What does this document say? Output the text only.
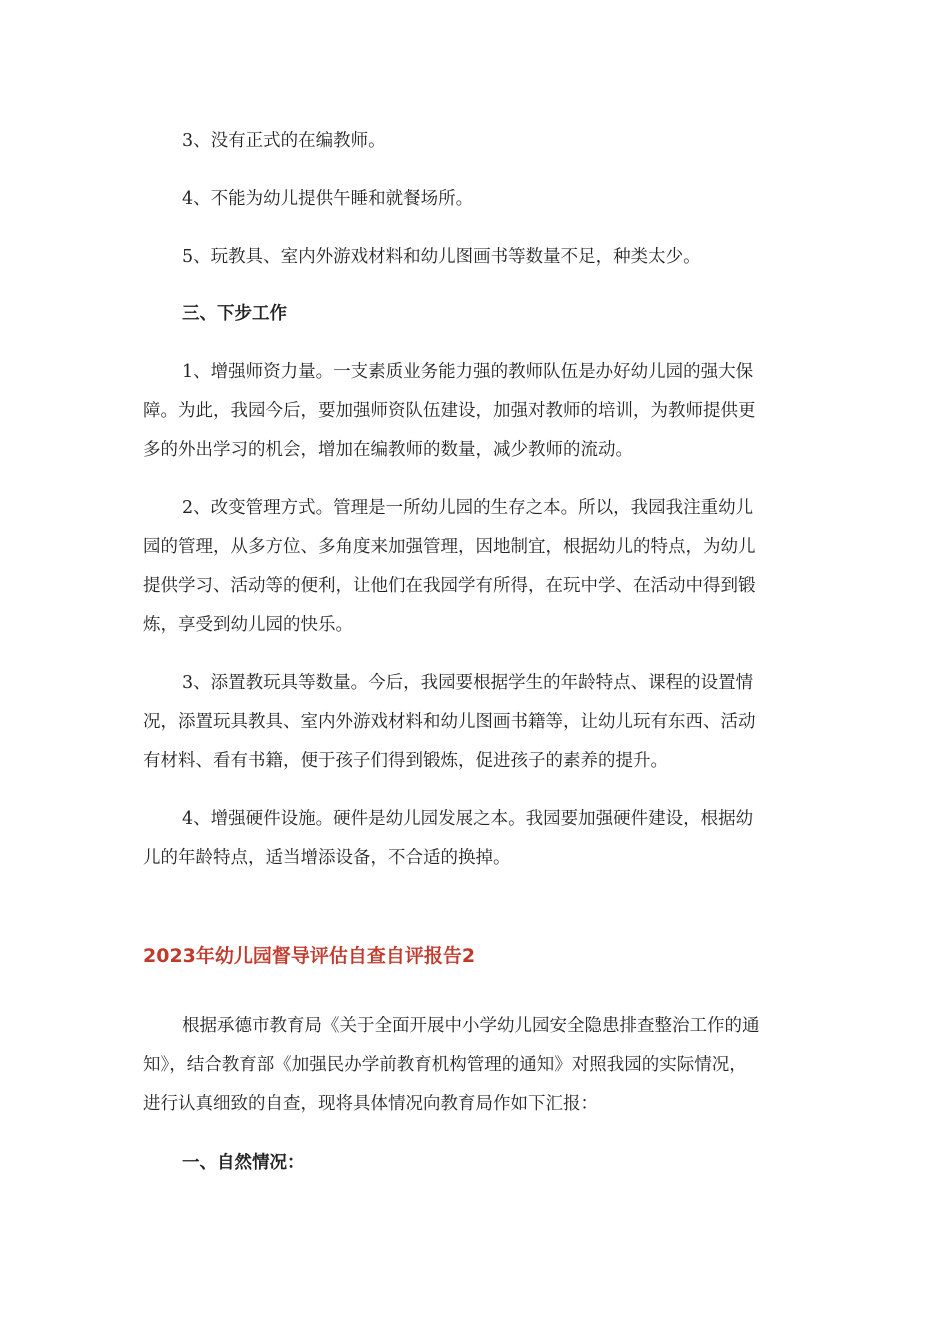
3、没有正式的在编教师。
4、不能为幼儿提供午睡和就餐场所。
5、玩教具、室内外游戏材料和幼儿图画书等数量不足，种类太少。
三、下步工作
1、增强师资力量。一支素质业务能力强的教师队伍是办好幼儿园的强大保
障。为此，我园今后，要加强师资队伍建设，加强对教师的培训，为教师提供更
多的外出学习的机会，增加在编教师的数量，减少教师的流动。
2、改变管理方式。管理是一所幼儿园的生存之本。所以，我园我注重幼儿
园的管理，从多方位、多角度来加强管理，因地制宜，根据幼儿的特点，为幼儿
提供学习、活动等的便利，让他们在我园学有所得，在玩中学、在活动中得到锻
炼，享受到幼儿园的快乐。
3、添置教玩具等数量。今后，我园要根据学生的年龄特点、课程的设置情
况，添置玩具教具、室内外游戏材料和幼儿图画书籍等，让幼儿玩有东西、活动
有材料、看有书籍，便于孩子们得到锻炼，促进孩子的素养的提升。
4、增强硬件设施。硬件是幼儿园发展之本。我园要加强硬件建设，根据幼
儿的年龄特点，适当增添设备，不合适的换掉。
2023年幼儿园督导评估自查自评报告2
根据承德市教育局《关于全面开展中小学幼儿园安全隐患排查整治工作的通
知》，结合教育部《加强民办学前教育机构管理的通知》对照我园的实际情况，
进行认真细致的自查，现将具体情况向教育局作如下汇报：
一、自然情况：
